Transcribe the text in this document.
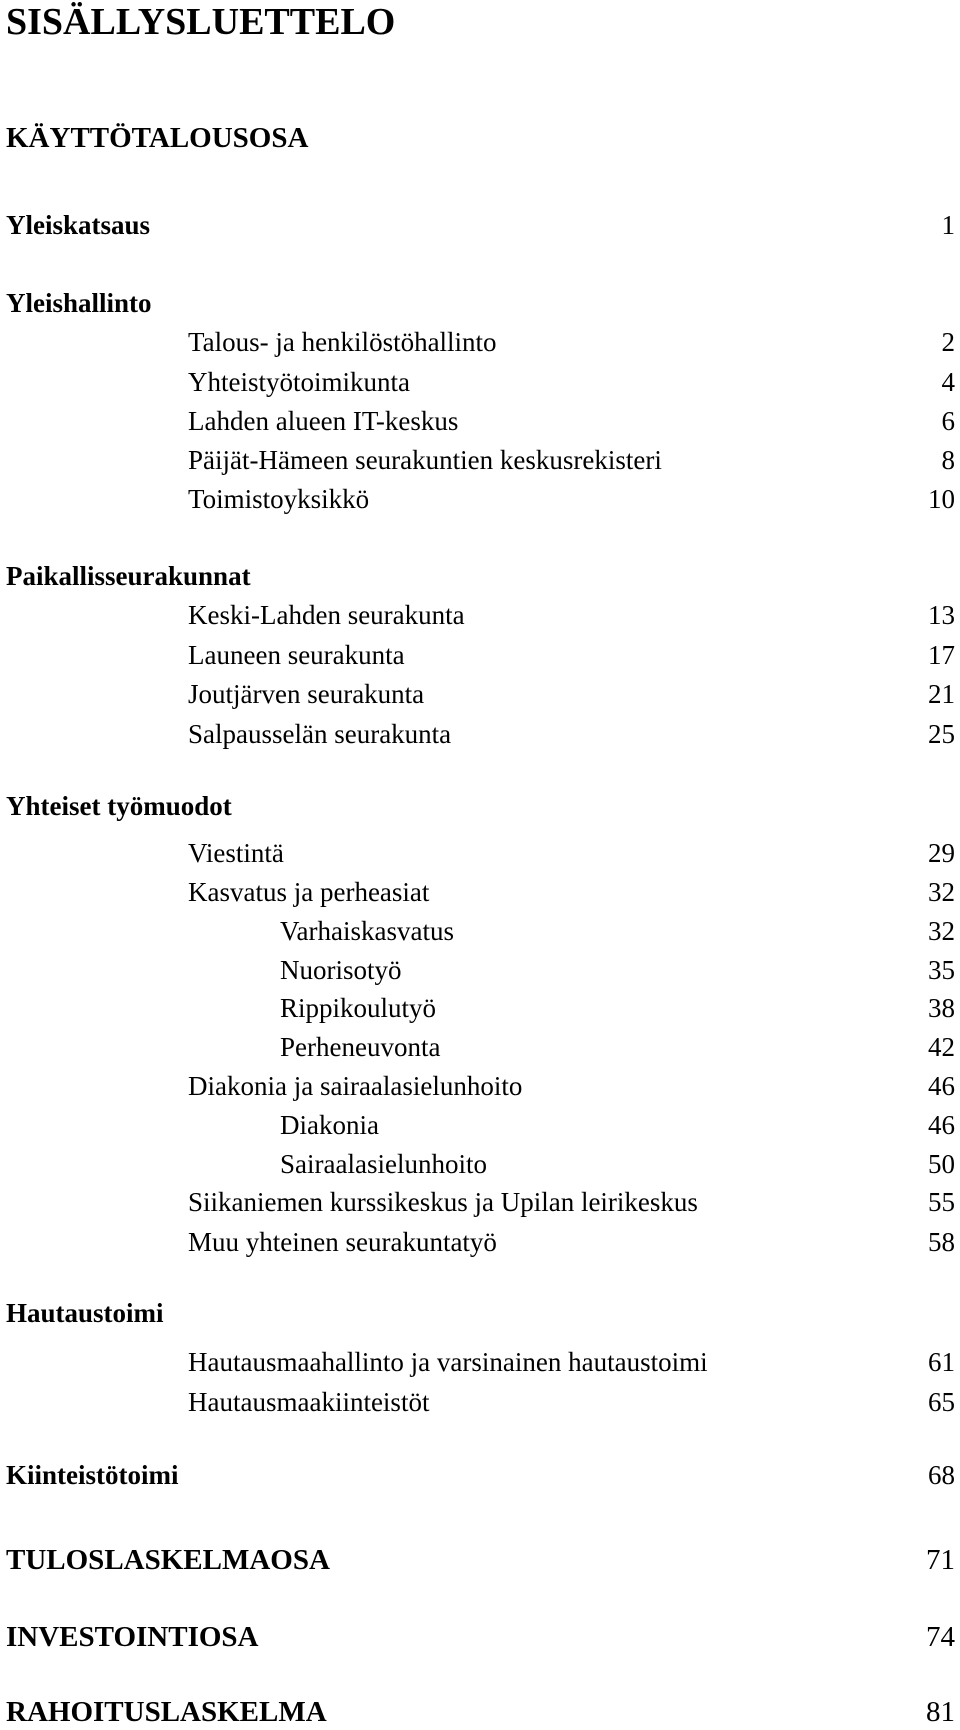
SISÄLLYSLUETTELO
KÄYTTÖTALOUSOSA
Yleiskatsaus	1
Yleishallinto
Talous- ja henkilöstöhallinto	2
Yhteistyötoimikunta	4
Lahden alueen IT-keskus	6
Päijät-Hämeen seurakuntien keskusrekisteri	8
Toimistoyksikkö	10
Paikallisseurakunnat
Keski-Lahden seurakunta	13
Launeen seurakunta	17
Joutjärven seurakunta	21
Salpausselän seurakunta	25
Yhteiset työmuodot
Viestintä	29
Kasvatus ja perheasiat	32
Varhaiskasvatus	32
Nuorisotyö	35
Rippikoulutyö	38
Perheneuvonta	42
Diakonia ja sairaalasielunhoito	46
Diakonia	46
Sairaalasielunhoito	50
Siikaniemen kurssikeskus ja Upilan leirikeskus	55
Muu yhteinen seurakuntatyö	58
Hautaustoimi
Hautausmaahallinto ja varsinainen hautaustoimi	61
Hautausmaakiinteistöt	65
Kiinteistötoimi	68
TULOSLASKELMAOSA	71
INVESTOINTIOSA	74
RAHOITUSLASKELMA	81
